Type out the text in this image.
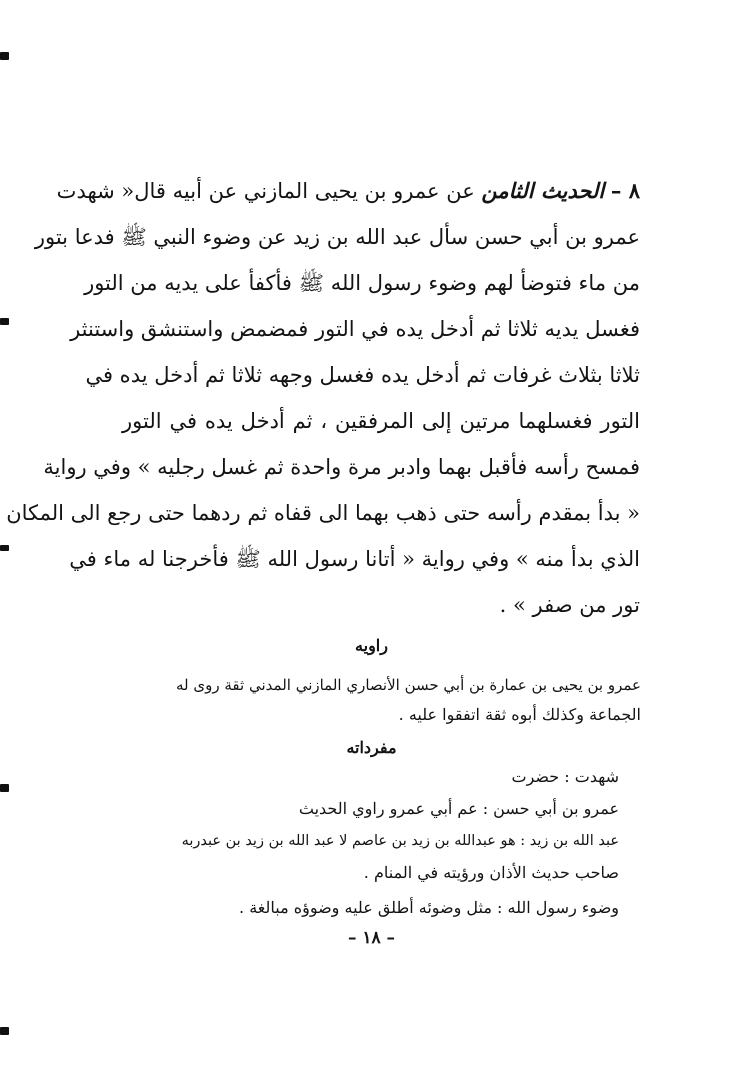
٨ – الحديث الثامن عن عمرو بن يحيى المازني عن أبيه قال« شهدت
عمرو بن أبي حسن سأل عبد الله بن زيد عن وضوء النبي ﷺ فدعا بتور
من ماء فتوضأ لهم وضوء رسول الله ﷺ فأكفأ على يديه من التور
فغسل يديه ثلاثا ثم أدخل يده في التور فمضمض واستنشق واستنثر
ثلاثا بثلاث غرفات ثم أدخل يده فغسل وجهه ثلاثا ثم أدخل يده في
التور فغسلهما مرتين إلى المرفقين ، ثم أدخل يده في التور
فمسح رأسه فأقبل بهما وادبر مرة واحدة ثم غسل رجليه » وفي رواية
« بدأ بمقدم رأسه حتى ذهب بهما الى قفاه ثم ردهما حتى رجع الى المكان
الذي بدأ منه » وفي رواية « أتانا رسول الله ﷺ فأخرجنا له ماء في
تور من صفر » .
راويه
عمرو بن يحيى بن عمارة بن أبي حسن الأنصاري المازني المدني ثقة روى له
الجماعة وكذلك أبوه ثقة اتفقوا عليه .
مفرداته
شهدت : حضرت
عمرو بن أبي حسن : عم أبي عمرو راوي الحديث
عبد الله بن زيد : هو عبدالله بن زيد بن عاصم لا عبد الله بن زيد بن عبدربه
صاحب حديث الأذان ورؤيته في المنام .
وضوء رسول الله : مثل وضوئه أطلق عليه وضوؤه مبالغة .
– ١٨ –
